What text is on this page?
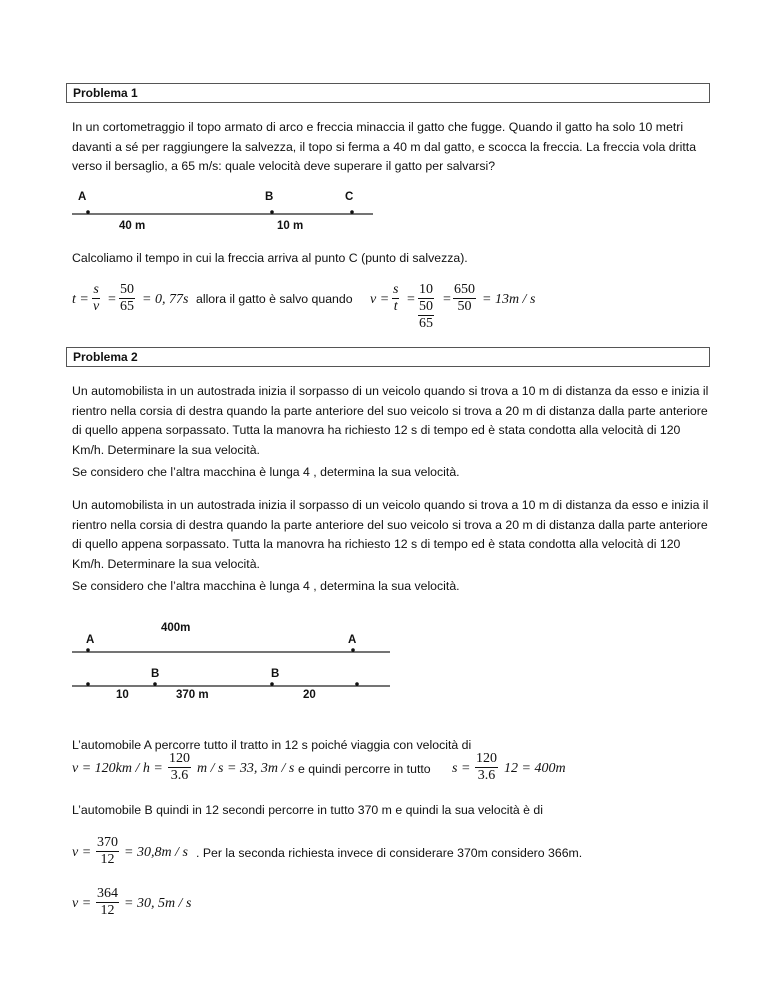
Problema 1
In un cortometraggio il topo armato di arco e freccia minaccia il gatto che fugge. Quando il gatto ha solo 10 metri davanti a sé per raggiungere la salvezza, il topo si ferma a 40 m dal gatto, e scocca la freccia. La freccia vola dritta verso il bersaglio, a 65 m/s: quale velocità deve superare il gatto per salvarsi?
A	B	C
40 m	10 m
Calcoliamo il tempo in cui la freccia arriva al punto C (punto di salvezza).
$t = \frac{s}{v} = \frac{50}{65} = 0$, 77s allora il gatto è salvo quando $v = \frac{s}{t}$ =
10
50
65
= $\frac{650}{50} = 13m / s$
Problema 2
Un automobilista in un autostrada inizia il sorpasso di un veicolo quando si trova a 10 m di distanza da esso e inizia il rientro nella corsia di destra quando la parte anteriore del suo veicolo si trova a 20 m di distanza dalla parte anteriore di quello appena sorpassato. Tutta la manovra ha richiesto 12 s di tempo ed è stata condotta alla velocità di 120 Km/h. Determinare la sua velocità.
Se considero che l’altra macchina è lunga 4 , determina la sua velocità.
Un automobilista in un autostrada inizia il sorpasso di un veicolo quando si trova a 10 m di distanza da esso e inizia il rientro nella corsia di destra quando la parte anteriore del suo veicolo si trova a 20 m di distanza dalla parte anteriore di quello appena sorpassato. Tutta la manovra ha richiesto 12 s di tempo ed è stata condotta alla velocità di 120 Km/h. Determinare la sua velocità.
Se considero che l’altra macchina è lunga 4 , determina la sua velocità.
400m
A	A
B	B
10	370 m	20
L’automobile A percorre tutto il tratto in 12 s poiché viaggia con velocità di
$v = 120km / h = \frac{120}{3.6}$ m / s = 33, 3m / s e quindi percorre in tutto $s = \frac{120}{3.6} 12 = 400m$
L’automobile B quindi in 12 secondi percorre in tutto 370 m e quindi la sua velocità è di
$v = \frac{370}{12} = 30,8m / s$ . Per la seconda richiesta invece di considerare 370m considero 366m.
$v = \frac{364}{12} = 30$, 5m / s
